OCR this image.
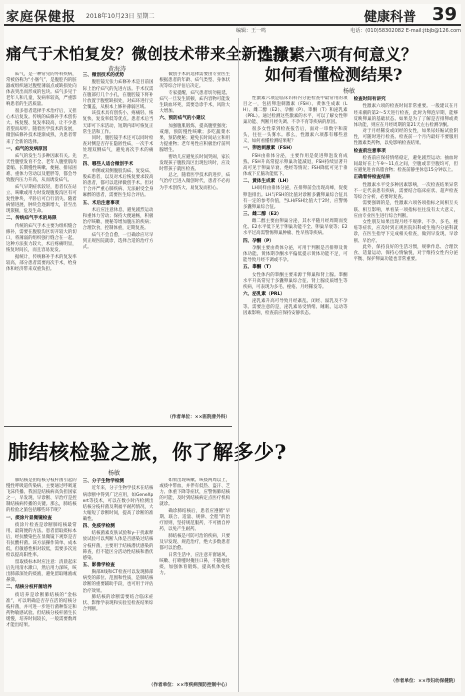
家庭保健报 2018年10月23日 星期二	健康科普 39
编辑：王一鸣	电话：(010)58302082 E-mail:jtbjb@126.com
痛气于术怕复发？微创技术带来全新选择!
黄海涛
疝气，是一种常见的外科疾病，常被俗称为“小肠气”，是腹腔内的脏器或组织通过腹壁薄弱点或缺损处向体表突出而形成的包块。疝气多见于老年人和儿童，发病率较高，严重影响患者的生活质量。
很多患者选择手术治疗后，又担心术后复发。传统的疝修补手术创伤大、恢复慢、复发率较高，让不少患者望而却步。随着医学技术的发展，微创疝修补技术逐渐成熟，为患者带来了全新的选择。
一、疝气的发病原因
疝气的发生与多种因素有关。先天性腹壁发育不全、老年人腹壁肌肉萎缩、长期慢性咳嗽、便秘、排尿困难、重体力劳动以及肥胖等，都会导致腹内压力升高，从而诱发疝气。
疝气早期症状较轻，患者仅在站立、咳嗽或用力时发现腹股沟区有可复性肿块，平卧后可自行消失。随着病情进展，肿块会逐渐增大，甚至出现嵌顿，危及生命。
二、传统疝气手术的局限
传统的疝气手术主要为组织缝合修补，需要在腹股沟区切开较大的切口，将薄弱的组织强行缝合在一起。这种方法张力较大，术后疼痛明显，恢复时间长，而且容易复发。
据统计，传统修补手术的复发率较高，部分患者需要再次手术，给身体和经济带来双重负担。
三、微创技术的优势
腹腔镜无张力疝修补术是目前国际上治疗疝气的先进方法。手术仅需在腹部打几个小孔，在腹腔镜下将补片放置于腹壁缺损处，对疝环进行完全覆盖，从根本上修补薄弱区域。
该技术具有创伤小、疼痛轻、恢复快、复发率低等优点。患者术后当天即可下床活动，短期内即可恢复正常生活和工作。
同时，腹腔镜手术还可以同时检查对侧是否存在隐匿性疝，一次手术处理双侧疝气，避免再次手术的痛苦。
四、哪些人适合微创手术
单侧或双侧腹股沟疝、复发疝、股疝患者，以及对术后恢复要求较高的患者，都可以选择微创手术。但对于合并严重心肺疾病、无法耐受全身麻醉的患者，需要医生综合评估。
五、术后注意事项
术后应注意休息，避免剧烈运动和重体力劳动；保持大便通畅，积极治疗咳嗽、便秘等增加腹压的疾病；合理饮食，控制体重，定期复查。
疝气不会自愈，一旦确诊应尽早到正规医院就诊，选择合适的治疗方式。
微创手术的选择需要由专业医生根据患者的年龄、疝气类型、身体状况等综合评估后决定。
专家提醒，疝气患者切勿拖延。疝气一旦发生嵌顿，疝内容物可能发生缺血坏死，需要急诊手术，风险大大增加。
六、预防疝气的小建议
加强腹肌锻炼，提高腹壁强度；戒烟，预防慢性咳嗽；多吃蔬菜水果，预防便秘；避免长时间站立和用力提重物；老年男性应积极治疗前列腺增生。
婴幼儿应避免长时间哭闹，家长发现孩子腹股沟区出现包块时，应及时带孩子就医检查。
总之，随着医学技术的进步，疝气治疗已进入微创时代，患者不必再为手术创伤大、易复发而担心。
（作者单位：××医院普外科）
肺结核检验之旅，你了解多少?
杨敏
肺结核是由结核分枝杆菌引起的慢性呼吸道传染病，主要通过呼吸道飞沫传播。我国是结核病高负担国家之一，早发现、早诊断、早治疗是控制结核病传播的关键。那么，肺结核的检验之旅包括哪些环节呢？
一、痰涂片显微镜检查
痰涂片检查是诊断肺结核最常用、最简便的方法。患者留取痰标本后，经抗酸染色在显微镜下观察是否有抗酸杆菌。该方法操作简单、成本低，但敏感性相对较低，需要多次送检以提高阳性率。
留取痰标本时应注意：清晨起床后先用清水漱口，然后用力深咳，咳出肺部深处的痰液，避免留取唾液或鼻涕。
二、结核分枝杆菌培养
痰培养是诊断肺结核的“金标准”，可以明确是否存在活的结核分枝杆菌，并可进一步进行菌种鉴定和药物敏感试验。但结核分枝杆菌生长缓慢，培养时间较长，一般需要数周才能出结果。
三、分子生物学检测
近年来，分子生物学技术在结核病诊断中得到广泛应用，如GeneXpert等技术，可以在数小时内检测出结核分枝杆菌及利福平耐药情况，大大缩短了诊断时间，提高了诊断的准确性。
四、免疫学检测
结核菌素皮肤试验和γ-干扰素释放试验可以判断人体是否感染过结核分枝杆菌，主要用于结核潜伏感染的筛查，但不能区分活动性结核和潜伏感染。
五、影像学检查
胸部X线和CT检查可以发现肺部病变的部位、范围和性质，是肺结核诊断的重要辅助手段，也可用于评估治疗效果。
肺结核的诊断需要结合临床症状、影像学表现和实验室检查结果综合判断。
如果出现咳嗽、咳痰两周以上，或痰中带血，并伴有低热、盗汗、乏力、体重下降等症状，应警惕肺结核的可能，及时到结核病定点医疗机构就诊。
确诊肺结核后，患者应遵循“早期、联合、适量、规律、全程”的治疗原则，坚持规范服药，不可擅自停药，以免产生耐药。
肺结核是可防可治的疾病，只要及早发现、规范治疗，绝大多数患者都可以治愈。
日常生活中，应注意开窗通风，咳嗽、打喷嚏时掩住口鼻，不随地吐痰，加强体育锻炼，提高机体免疫力。
（作者单位：××市疾病预防控制中心）
性激素六项有何意义？
如何看懂检测结果?
杨敏
性激素六项是临床妇科内分泌检查中最常用的项目之一，包括卵泡刺激素（FSH）、黄体生成素（LH）、雌二醇（E2）、孕酮（P）、睾酮（T）和泌乳素（PRL）。通过检测这些激素的水平，可以了解女性卵巢功能、判断月经失调、不孕不育等疾病的原因。
很多女性拿到检查报告后，面对一串数字和箭头，往往一头雾水。那么，性激素六项都有哪些意义，如何看懂检测结果呢？
一、卵泡刺激素（FSH）
FSH由垂体分泌，主要作用是促进卵泡发育成熟。FSH升高常提示卵巢功能减退，FSH持续显著升高可见于卵巢早衰、绝经等情况；FSH降低可见于垂体或下丘脑功能低下。
二、黄体生成素（LH）
LH同样由垂体分泌，在排卵前会出现高峰，促使卵泡排出。LH与FSH的比值对诊断多囊卵巢综合征具有一定的参考价值，当LH/FSH比值大于2时，应警惕多囊卵巢综合征。
三、雌二醇（E2）
雌二醇主要由卵巢分泌，其水平随月经周期而变化。E2水平低下见于卵巢功能不全、卵巢早衰等；E2水平过高需警惕卵巢肿瘤、性早熟等疾病。
四、孕酮（P）
孕酮主要由黄体分泌，可用于判断是否排卵及黄体功能。黄体期孕酮水平偏低提示黄体功能不足，可能导致月经不调或不孕。
五、睾酮（T）
女性体内的睾酮主要来源于卵巢和肾上腺。睾酮水平升高常见于多囊卵巢综合征、肾上腺皮质增生等疾病，可表现为多毛、痤疮、月经稀发等。
六、泌乳素（PRL）
泌乳素升高可导致月经紊乱、闭经、溢乳及不孕等。需要注意的是，泌乳素易受情绪、睡眠、运动等因素影响，检查前应保持安静状态。
检查时间有讲究
性激素六项的检查时间非常重要。一般建议在月经来潮的第2～5天进行检查，此时为卵泡早期，能够反映卵巢的基础状态。如果是为了了解是否排卵或黄体功能，则应在月经周期的第21天左右检测孕酮。
对于月经稀发或闭经的女性，如果尿妊娠试验阴性，可随时进行检查。检查前一个月内最好不要服用性激素类药物，以免影响检查结果。
检查前注意事项
检查前应保持情绪稳定，避免剧烈运动；抽血时间最好在上午9～11点之间，空腹或非空腹均可，但应避免进食高脂食物；检查前静坐休息15分钟以上。
正确看待检查结果
性激素水平受多种因素影响，一次检查结果异常不一定代表患有疾病，需要结合临床症状、超声检查等综合分析，必要时复查。
需要强调的是，性激素六项各项指标之间相互关联、相互影响，单看某一项指标往往没有太大意义，应由专业医生进行综合判断。
女性朋友如果出现月经不规律、不孕、多毛、痤疮等症状，应及时到正规医院妇科或生殖内分泌科就诊，在医生指导下完成相关检查，做到早发现、早诊断、早治疗。
此外，保持良好的生活习惯，规律作息、合理饮食、适量运动、保持心情愉悦，对于维持女性内分泌平衡、保护卵巢功能也非常重要。
（作者单位：××市妇幼保健院）
